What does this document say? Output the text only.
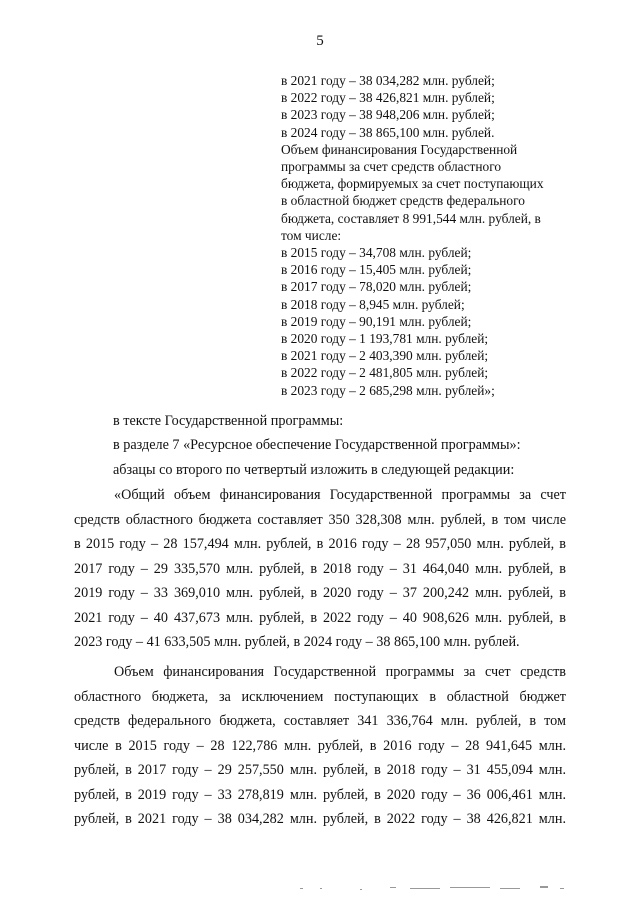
5
в 2021 году – 38 034,282 млн. рублей;
в 2022 году – 38 426,821 млн. рублей;
в 2023 году – 38 948,206 млн. рублей;
в 2024 году – 38 865,100 млн. рублей.
Объем финансирования Государственной
программы за счет средств областного
бюджета, формируемых за счет поступающих
в областной бюджет средств федерального
бюджета, составляет 8 991,544 млн. рублей, в
том числе:
в 2015 году – 34,708 млн. рублей;
в 2016 году – 15,405 млн. рублей;
в 2017 году – 78,020 млн. рублей;
в 2018 году – 8,945 млн. рублей;
в 2019 году – 90,191 млн. рублей;
в 2020 году – 1 193,781 млн. рублей;
в 2021 году – 2 403,390 млн. рублей;
в 2022 году – 2 481,805 млн. рублей;
в 2023 году – 2 685,298 млн. рублей»;
в тексте Государственной программы:
в разделе 7 «Ресурсное обеспечение Государственной программы»:
абзацы со второго по четвертый изложить в следующей редакции:
«Общий объем финансирования Государственной программы за счет
средств областного бюджета составляет 350 328,308 млн. рублей, в том числе
в 2015 году – 28 157,494 млн. рублей, в 2016 году – 28 957,050 млн. рублей, в
2017 году – 29 335,570 млн. рублей, в 2018 году – 31 464,040 млн. рублей, в
2019 году – 33 369,010 млн. рублей, в 2020 году – 37 200,242 млн. рублей, в
2021 году – 40 437,673 млн. рублей, в 2022 году – 40 908,626 млн. рублей, в
2023 году – 41 633,505 млн. рублей, в 2024 году – 38 865,100 млн. рублей.
Объем финансирования Государственной программы за счет средств
областного бюджета, за исключением поступающих в областной бюджет
средств федерального бюджета, составляет 341 336,764 млн. рублей, в том
числе в 2015 году – 28 122,786 млн. рублей, в 2016 году – 28 941,645 млн.
рублей, в 2017 году – 29 257,550 млн. рублей, в 2018 году – 31 455,094 млн.
рублей, в 2019 году – 33 278,819 млн. рублей, в 2020 году – 36 006,461 млн.
рублей, в 2021 году – 38 034,282 млн. рублей, в 2022 году – 38 426,821 млн.
